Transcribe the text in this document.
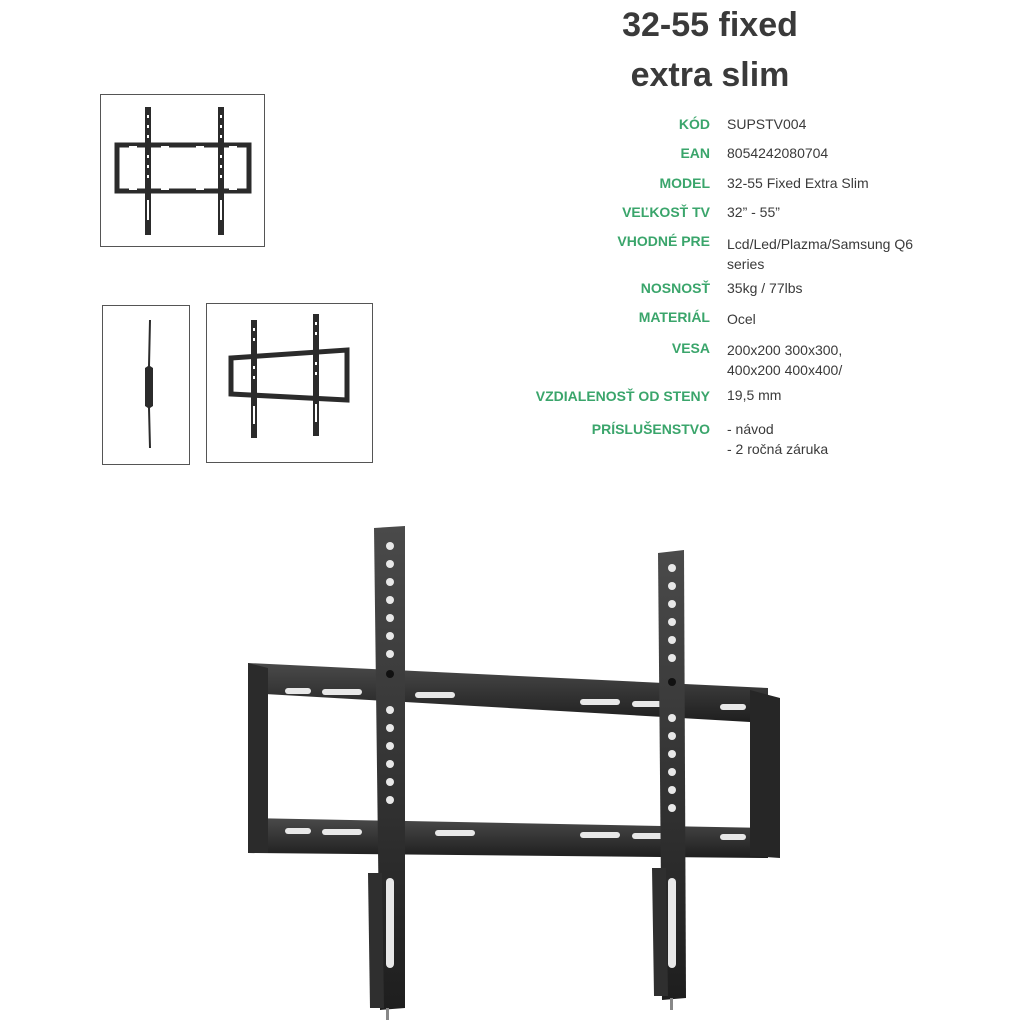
32-55 fixed
extra slim
KÓD SUPSTV004
EAN 8054242080704
MODEL 32-55 Fixed Extra Slim
VEĽKOSŤ TV 32” - 55”
VHODNÉ PRE Lcd/Led/Plazma/Samsung Q6
series
NOSNOSŤ 35kg / 77lbs
MATERIÁL Ocel
VESA 200x200 300x300,
400x200 400x400/
VZDIALENOSŤ OD STENY 19,5 mm
PRÍSLUŠENSTVO - návod
- 2 ročná záruka
